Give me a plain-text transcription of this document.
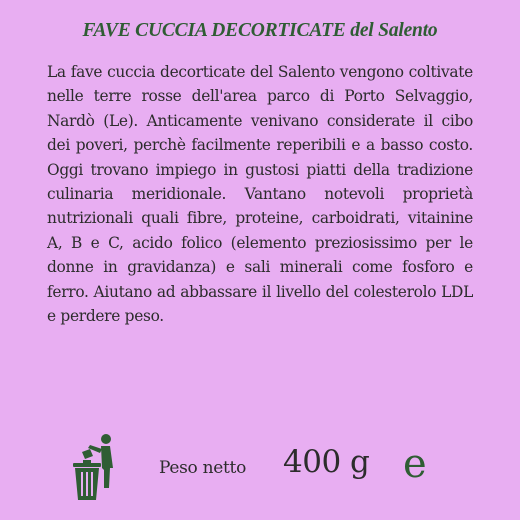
FAVE CUCCIA DECORTICATE del Salento

La fave cuccia decorticate del Salento vengono coltivate nelle terre rosse dell'area parco di Porto Selvaggio, Nardò (Le). Anticamente venivano considerate il cibo dei poveri, perchè facilmente reperibili e a basso costo. Oggi trovano impiego in gustosi piatti della tradizione culinaria meridionale. Vantano notevoli proprietà nutrizionali quali fibre, proteine, carboidrati, vitainine A, B e C, acido folico (elemento preziosissimo per le donne in gravidanza) e sali minerali come fosforo e ferro. Aiutano ad abbassare il livello del colesterolo LDL e perdere peso.

Peso netto 400 g e
